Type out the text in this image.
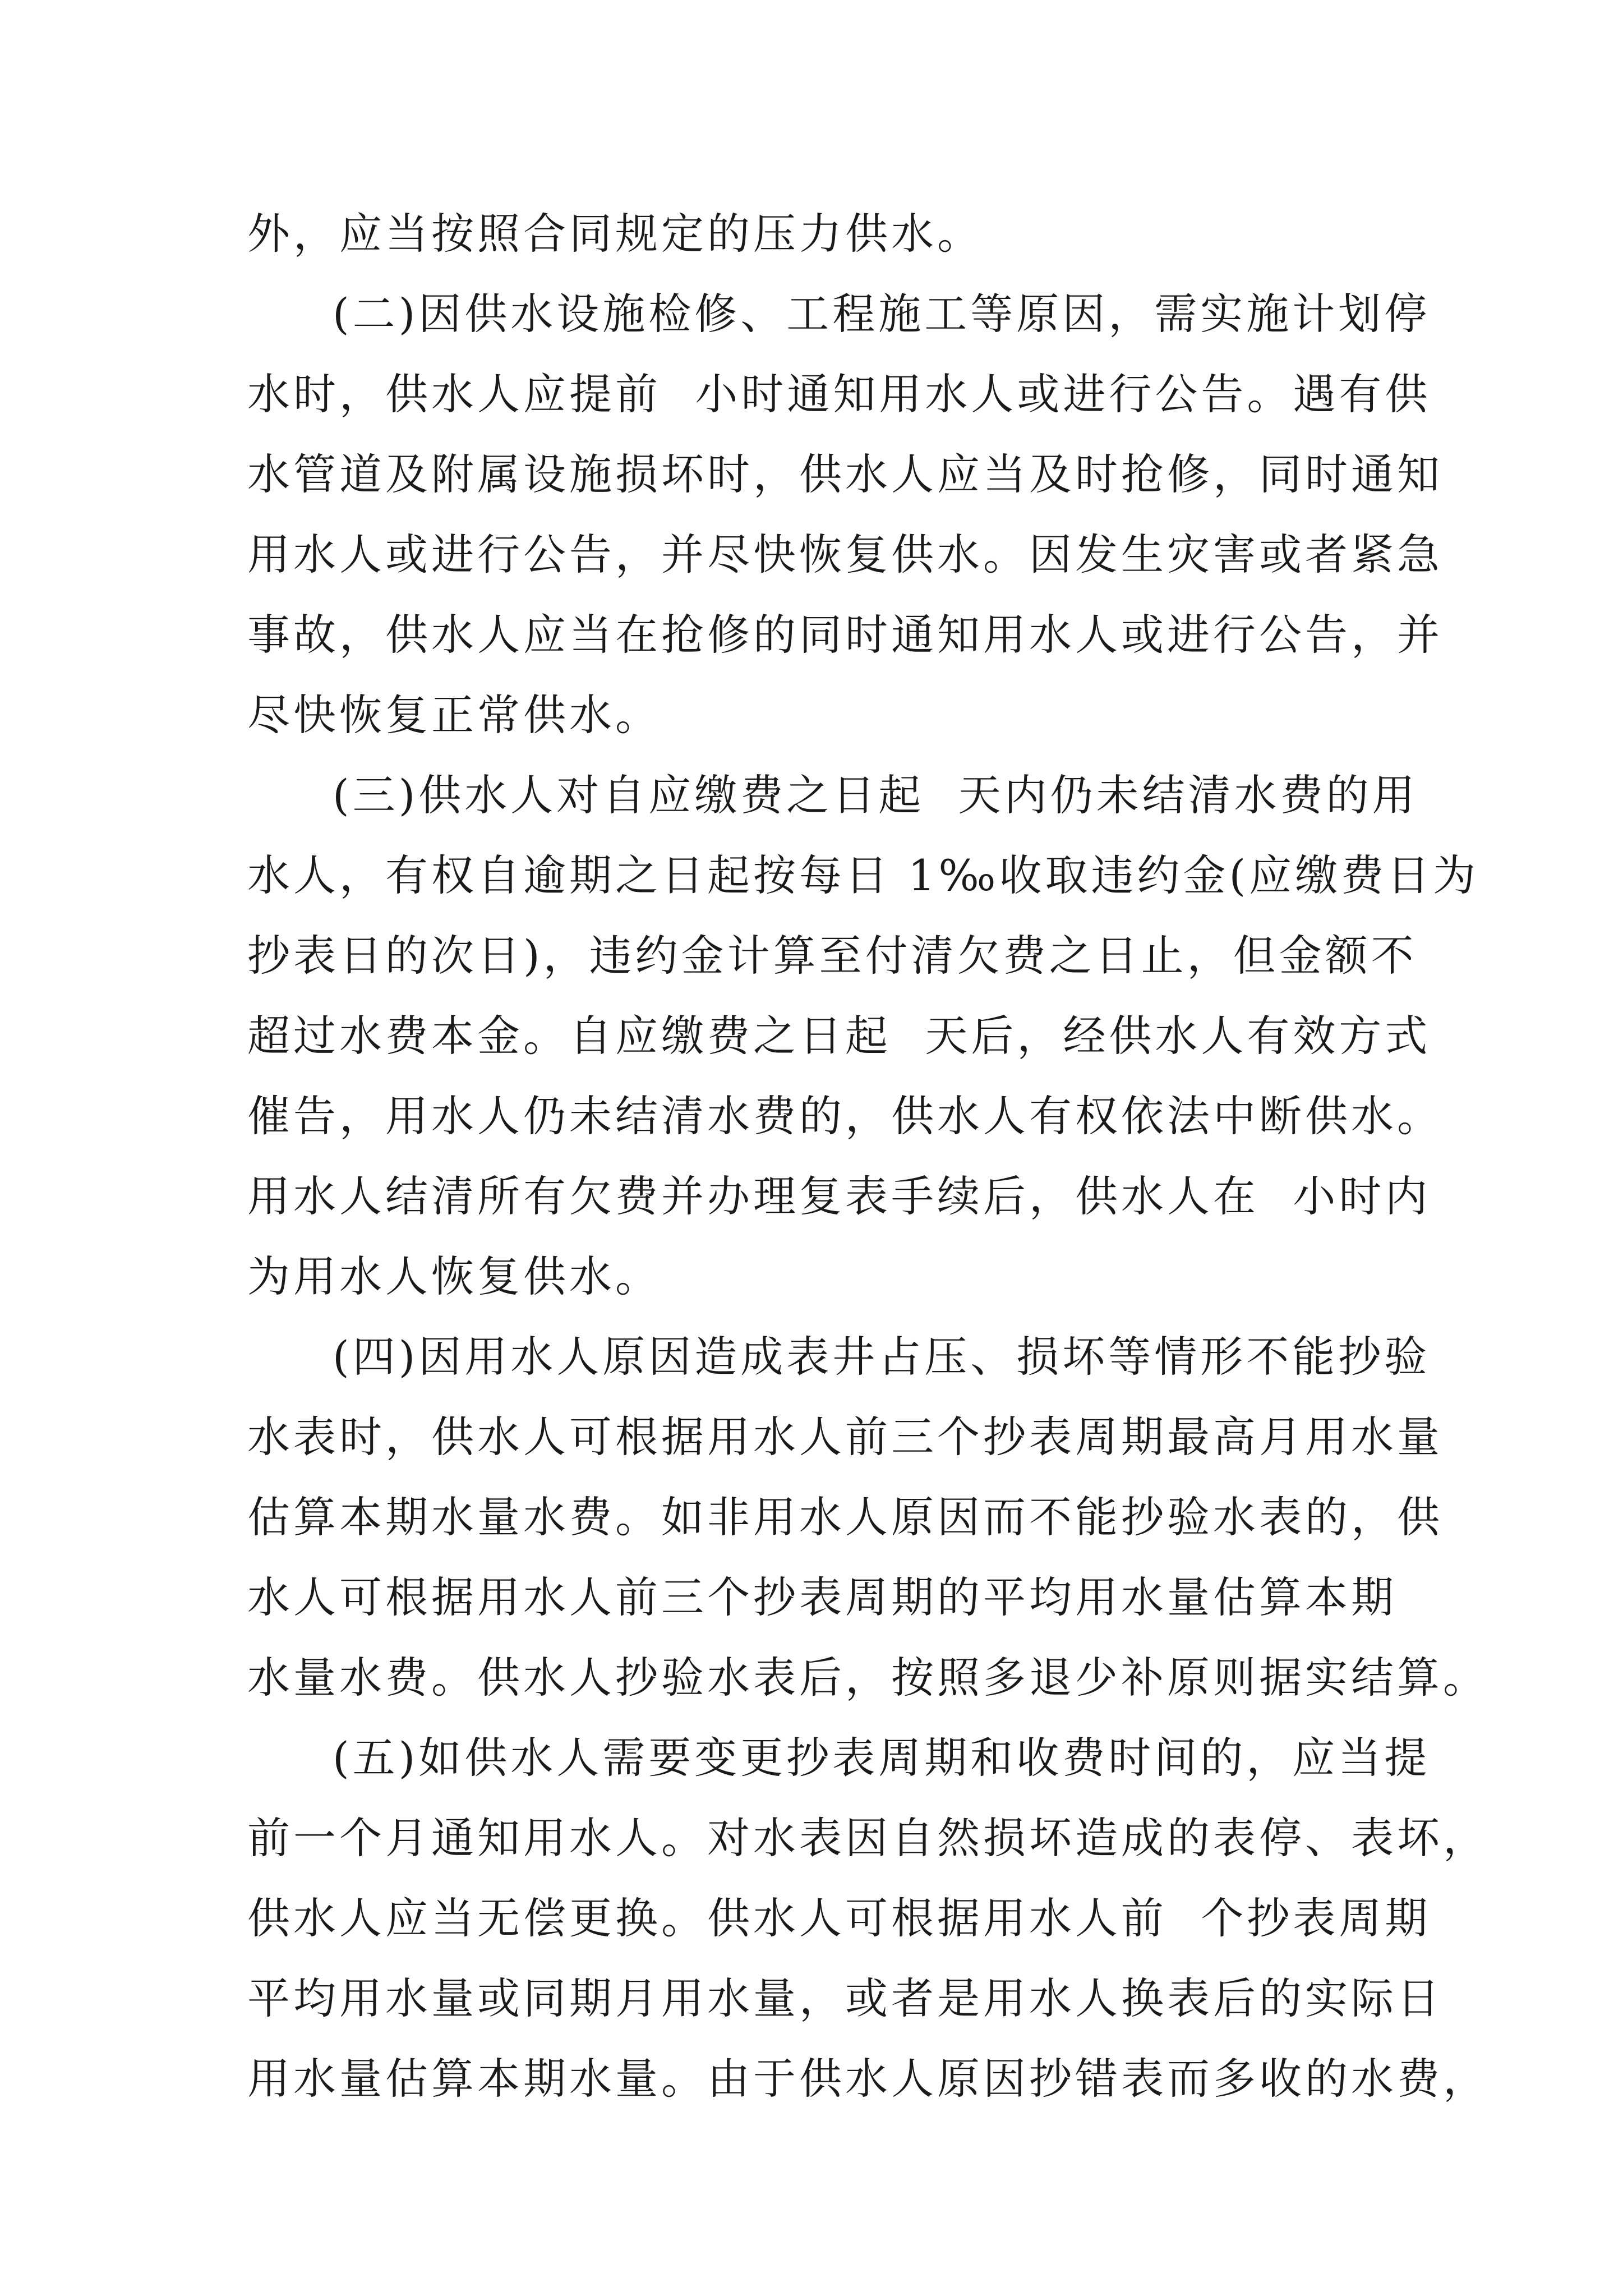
外，应当按照合同规定的压力供水。
(二)因供水设施检修、工程施工等原因，需实施计划停
水时，供水人应提前  小时通知用水人或进行公告。遇有供
水管道及附属设施损坏时，供水人应当及时抢修，同时通知
用水人或进行公告，并尽快恢复供水。因发生灾害或者紧急
事故，供水人应当在抢修的同时通知用水人或进行公告，并
尽快恢复正常供水。
(三)供水人对自应缴费之日起  天内仍未结清水费的用
水人，有权自逾期之日起按每日 1‰收取违约金(应缴费日为
抄表日的次日)，违约金计算至付清欠费之日止，但金额不
超过水费本金。自应缴费之日起  天后，经供水人有效方式
催告，用水人仍未结清水费的，供水人有权依法中断供水。
用水人结清所有欠费并办理复表手续后，供水人在  小时内
为用水人恢复供水。
(四)因用水人原因造成表井占压、损坏等情形不能抄验
水表时，供水人可根据用水人前三个抄表周期最高月用水量
估算本期水量水费。如非用水人原因而不能抄验水表的，供
水人可根据用水人前三个抄表周期的平均用水量估算本期
水量水费。供水人抄验水表后，按照多退少补原则据实结算。
(五)如供水人需要变更抄表周期和收费时间的，应当提
前一个月通知用水人。对水表因自然损坏造成的表停、表坏，
供水人应当无偿更换。供水人可根据用水人前  个抄表周期
平均用水量或同期月用水量，或者是用水人换表后的实际日
用水量估算本期水量。由于供水人原因抄错表而多收的水费，
